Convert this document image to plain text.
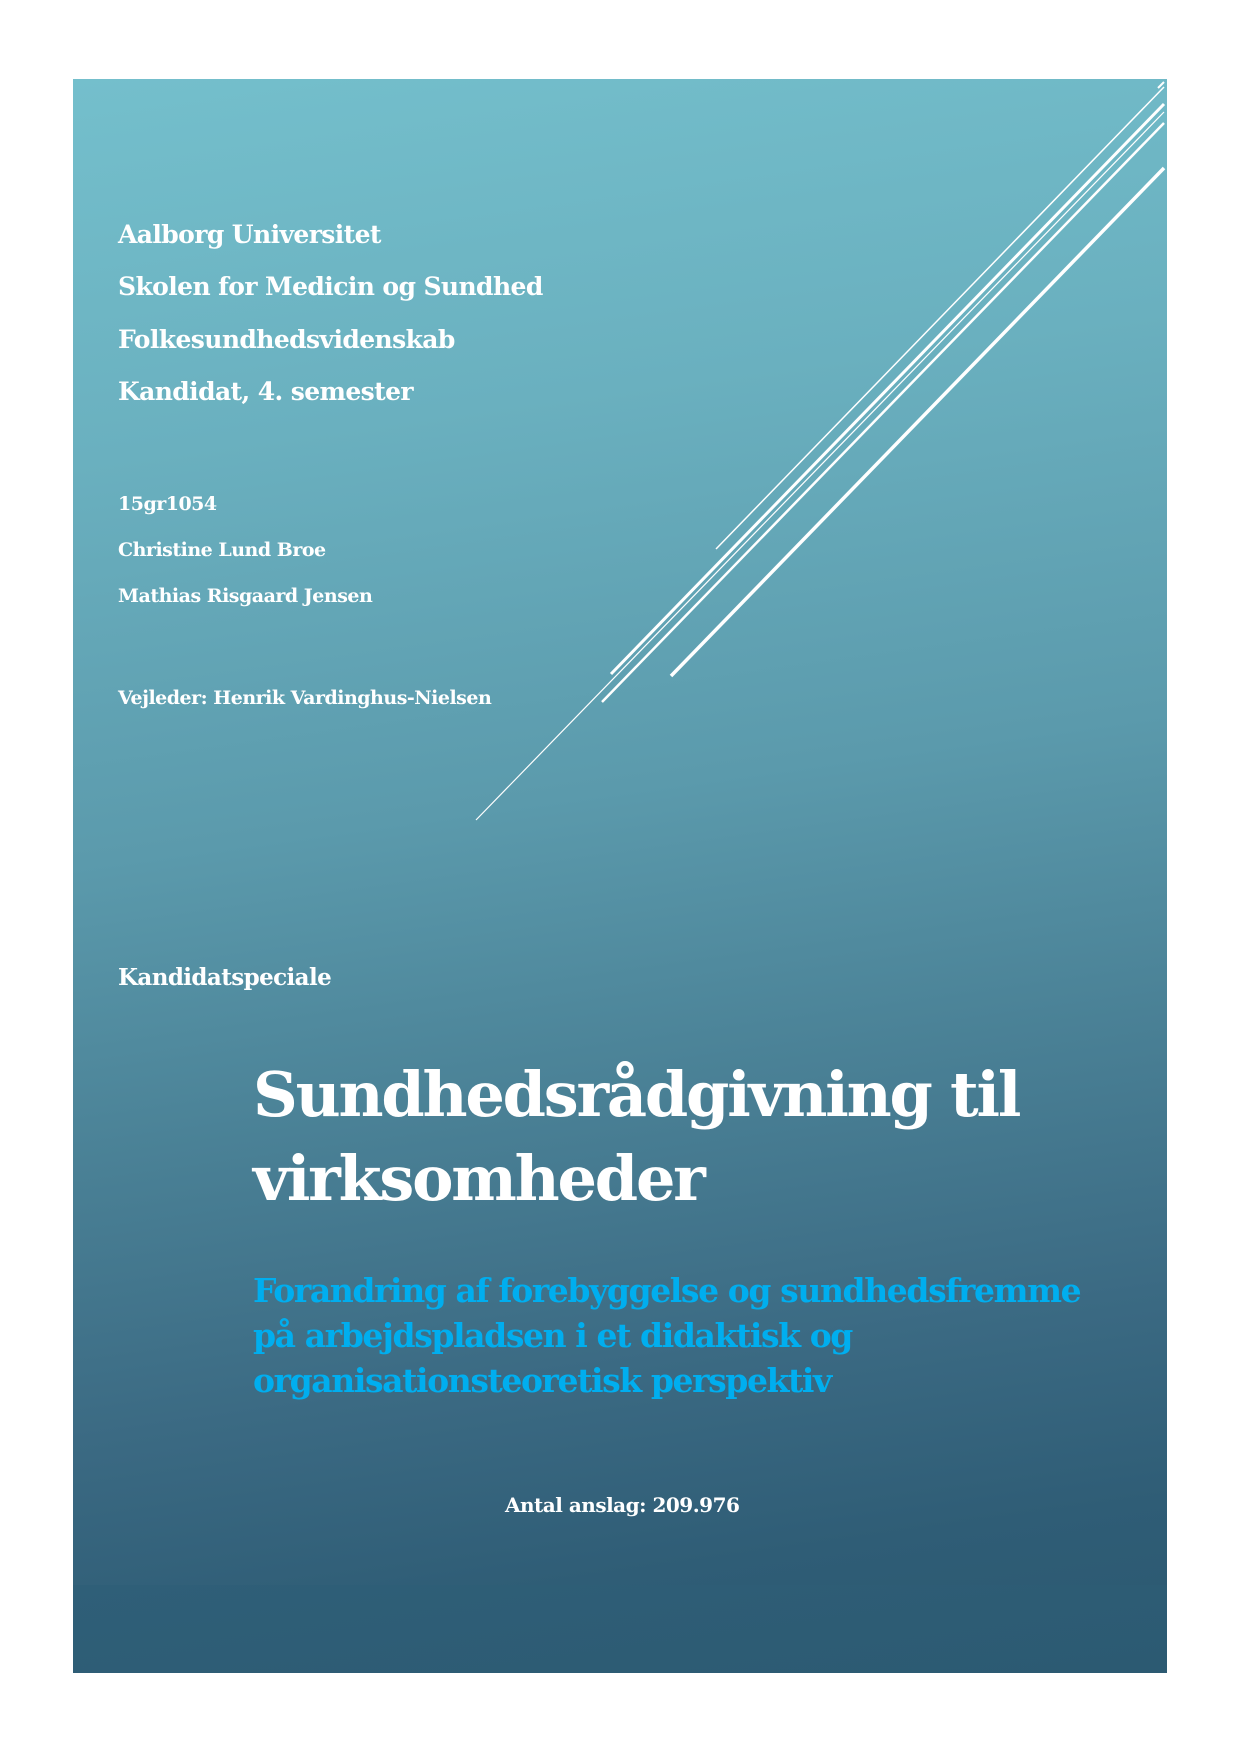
Aalborg Universitet
Skolen for Medicin og Sundhed
Folkesundhedsvidenskab
Kandidat, 4. semester
15gr1054
Christine Lund Broe
Mathias Risgaard Jensen
Vejleder: Henrik Vardinghus-Nielsen
Kandidatspeciale
Sundhedsrådgivning til
virksomheder
Forandring af forebyggelse og sundhedsfremme
på arbejdspladsen i et didaktisk og
organisationsteoretisk perspektiv
Antal anslag: 209.976
